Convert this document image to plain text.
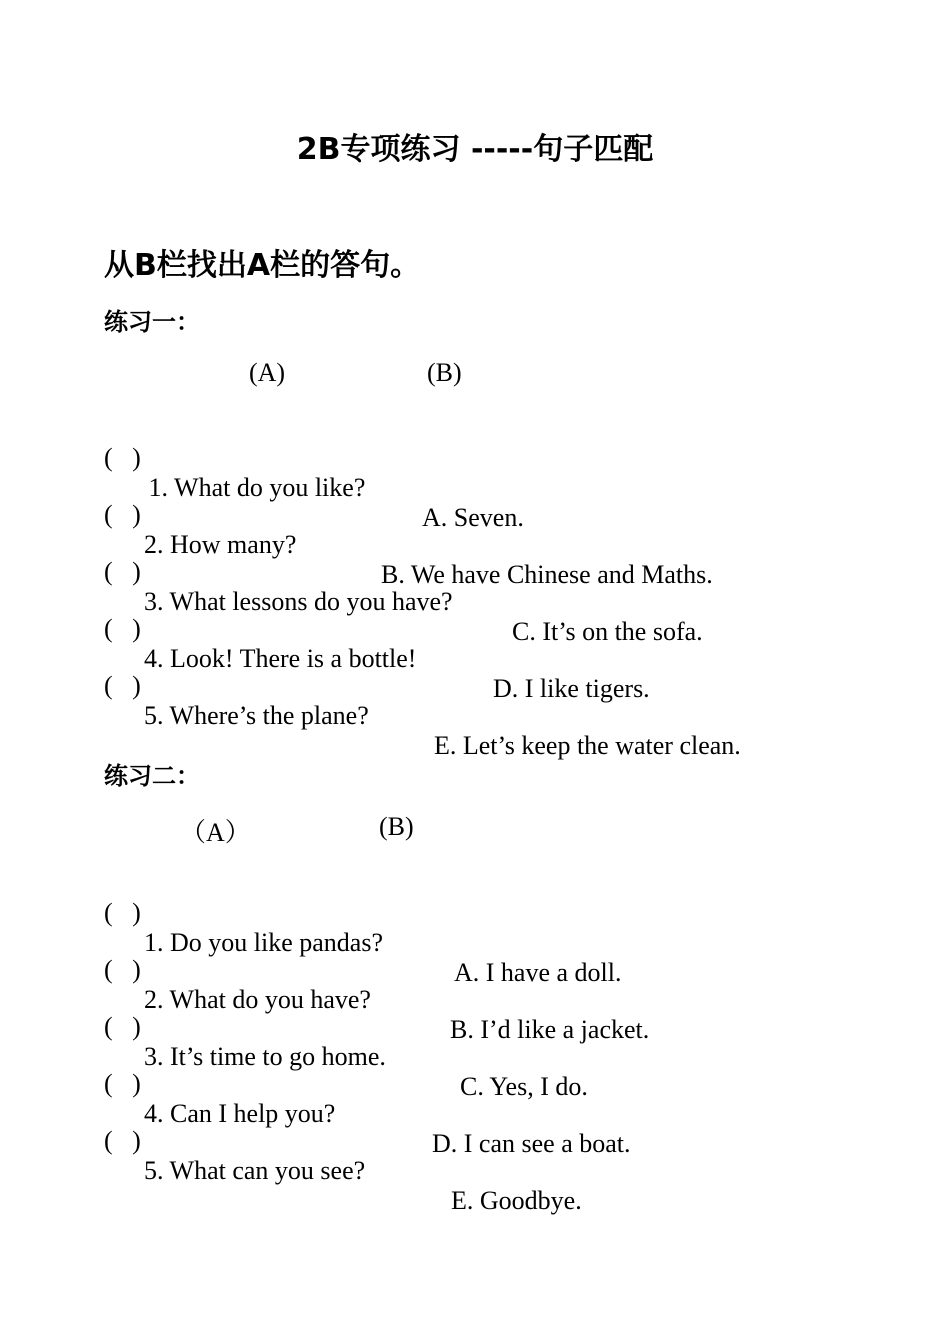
2B专项练习 -----句子匹配
从B栏找出A栏的答句。
练习一：
(A)	(B)

(   )

1. What do you like?

A. Seven.

(   )

2. How many?

B. We have Chinese and Maths.

(   )

3. What lessons do you have?

C. It’s on the sofa.

(   )

4. Look! There is a bottle!

D. I like tigers.

(   )

5. Where’s the plane?

E. Let’s keep the water clean.

练习二：
（A）	(B)

(   )

1. Do you like pandas?

A. I have a doll.

(   )

2. What do you have?

B. I’d like a jacket.

(   )

3. It’s time to go home.

C. Yes, I do.

(   )

4. Can I help you?

D. I can see a boat.

(   )

5. What can you see?

E. Goodbye.
